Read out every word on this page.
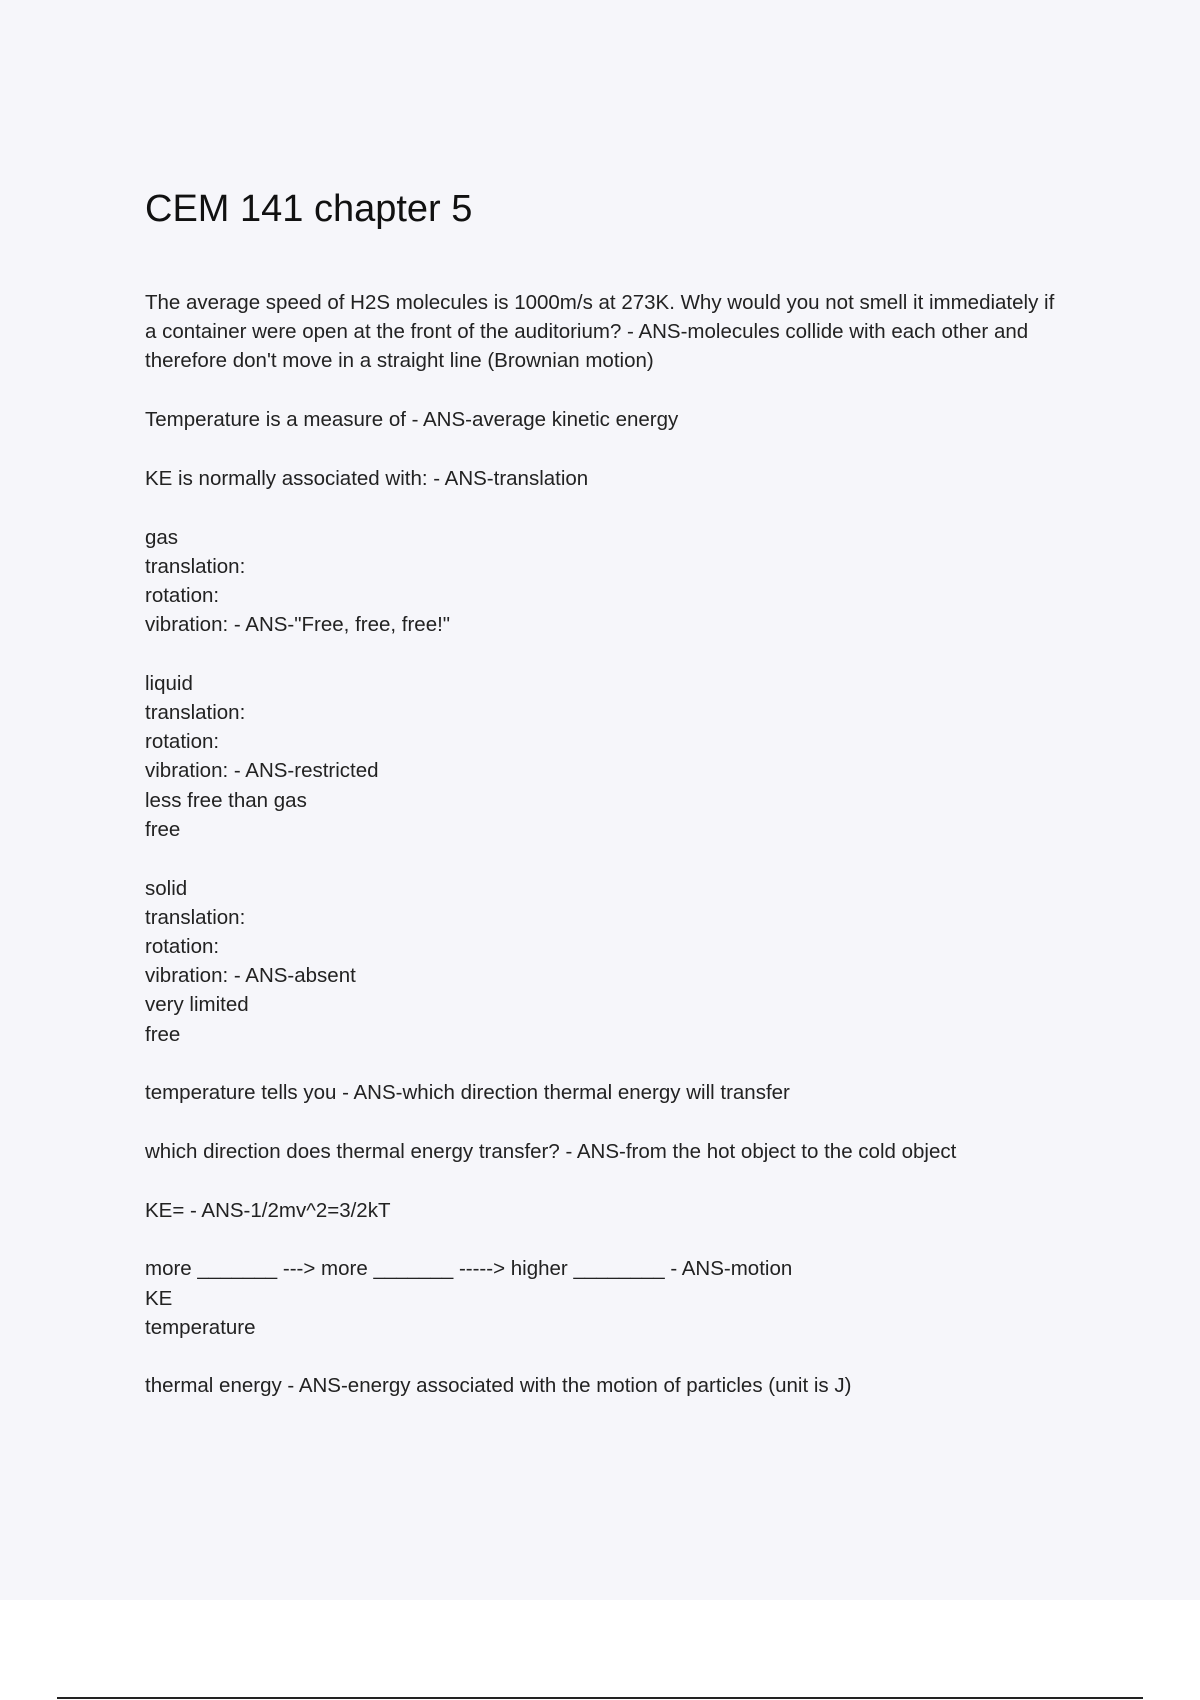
CEM 141 chapter 5
The average speed of H2S molecules is 1000m/s at 273K. Why would you not smell it immediately if a container were open at the front of the auditorium? - ANS-molecules collide with each other and therefore don't move in a straight line (Brownian motion)
Temperature is a measure of - ANS-average kinetic energy
KE is normally associated with: - ANS-translation
gas
translation:
rotation:
vibration: - ANS-"Free, free, free!"
liquid
translation:
rotation:
vibration: - ANS-restricted
less free than gas
free
solid
translation:
rotation:
vibration: - ANS-absent
very limited
free
temperature tells you - ANS-which direction thermal energy will transfer
which direction does thermal energy transfer? - ANS-from the hot object to the cold object
KE= - ANS-1/2mv^2=3/2kT
more _______ ---> more _______ -----> higher ________ - ANS-motion
KE
temperature
thermal energy - ANS-energy associated with the motion of particles (unit is J)
